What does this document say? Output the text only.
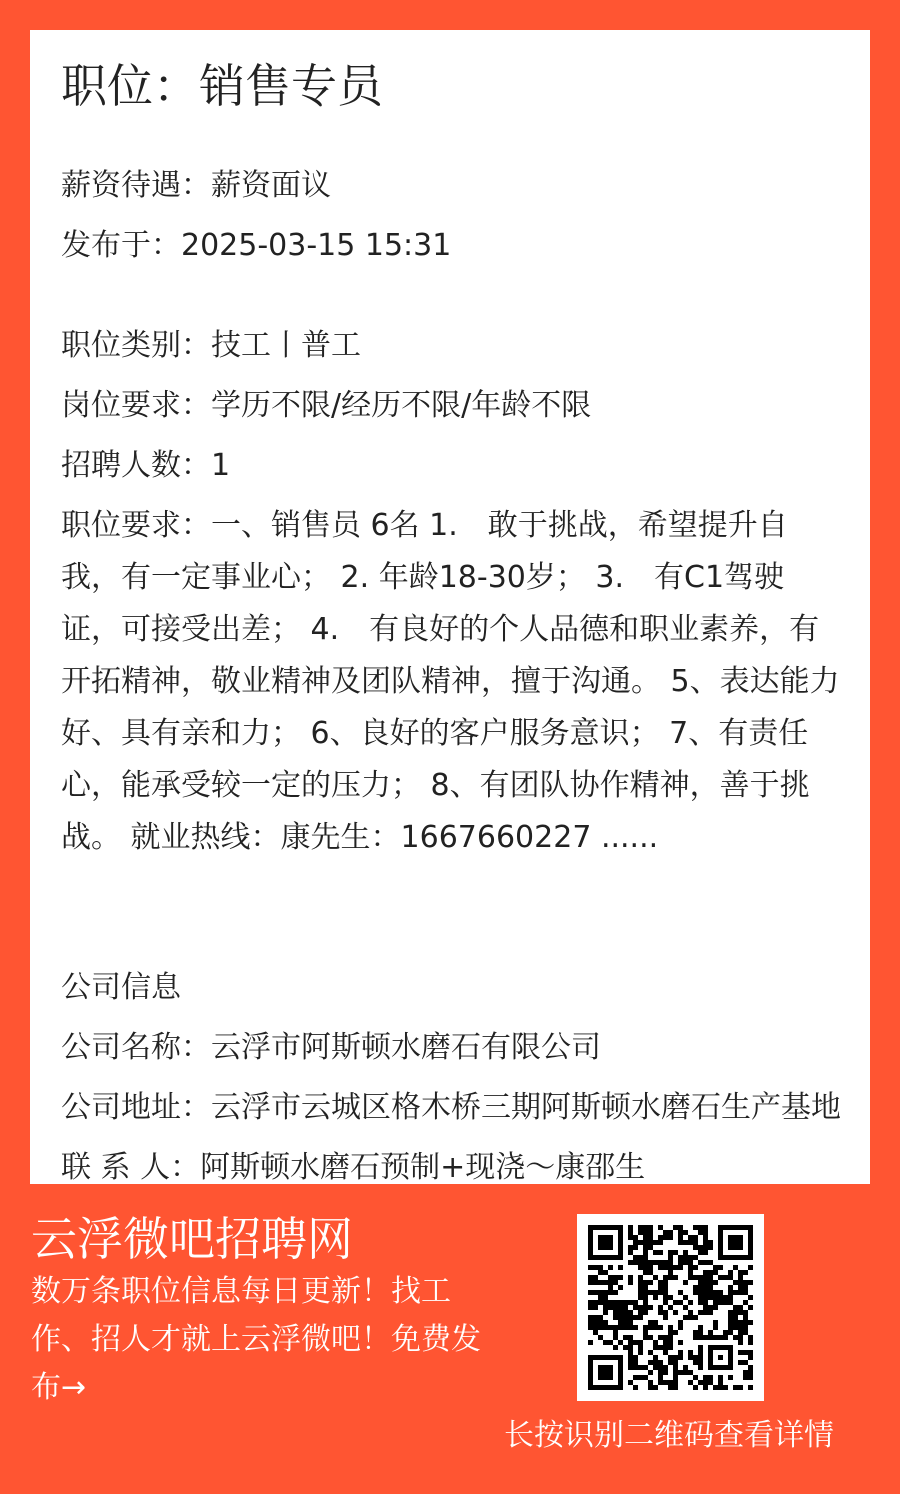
职位：销售专员
薪资待遇：薪资面议
发布于：2025-03-15 15:31
职位类别：技工丨普工
岗位要求：学历不限/经历不限/年龄不限
招聘人数：1
职位要求：一、销售员 6名 1.　敢于挑战，希望提升自我，有一定事业心； 2. 年龄18-30岁； 3.　有C1驾驶证，可接受出差； 4.　有良好的个人品德和职业素养，有开拓精神，敬业精神及团队精神，擅于沟通。 5、表达能力好、具有亲和力； 6、良好的客户服务意识； 7、有责任心，能承受较一定的压力； 8、有团队协作精神，善于挑战。 就业热线：康先生：1667660227 ......
公司信息
公司名称：云浮市阿斯顿水磨石有限公司
公司地址：云浮市云城区格木桥三期阿斯顿水磨石生产基地
联 系 人：阿斯顿水磨石预制+现浇～康邵生
云浮微吧招聘网
数万条职位信息每日更新！找工作、招人才就上云浮微吧！免费发布→
长按识别二维码查看详情
